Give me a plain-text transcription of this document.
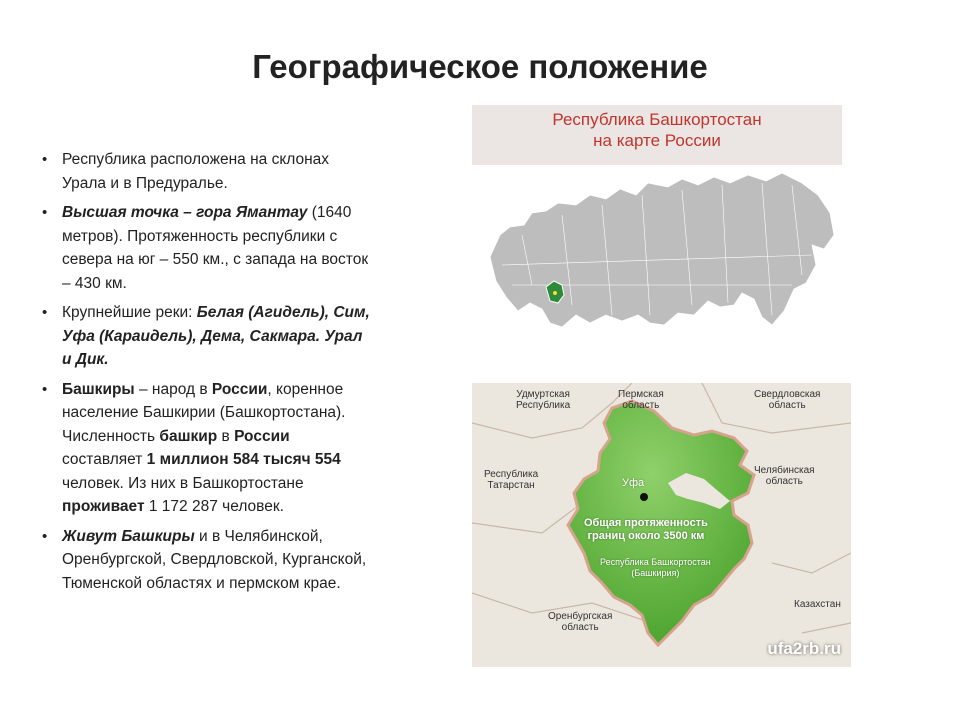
Географическое положение
• Республика расположена на склонах Урала и в Предуралье.
• Высшая точка – гора Ямантау (1640 метров). Протяженность республики с севера на юг – 550 км., с запада на восток – 430 км.
• Крупнейшие реки: Белая (Агидель), Сим, Уфа (Караидель), Дема, Сакмара. Урал и Дик.
• Башкиры – народ в России, коренное население Башкирии (Башкортостана). Численность башкир в России составляет 1 миллион 584 тысяч 554 человек. Из них в Башкортостане проживает 1 172 287 человек.
• Живут Башкиры и в Челябинской, Оренбургской, Свердловской, Курганской, Тюменской областях и пермском крае.
Республика Башкортостан
на карте России
Удмуртская
Республика
Пермская
область
Свердловская
область
Республика
Татарстан	Уфа
Челябинская
область
Общая протяженность
границ около 3500 км
Республика Башкортостан
(Башкирия)
Оренбургская
область
Казахстан
ufa2rb.ru
